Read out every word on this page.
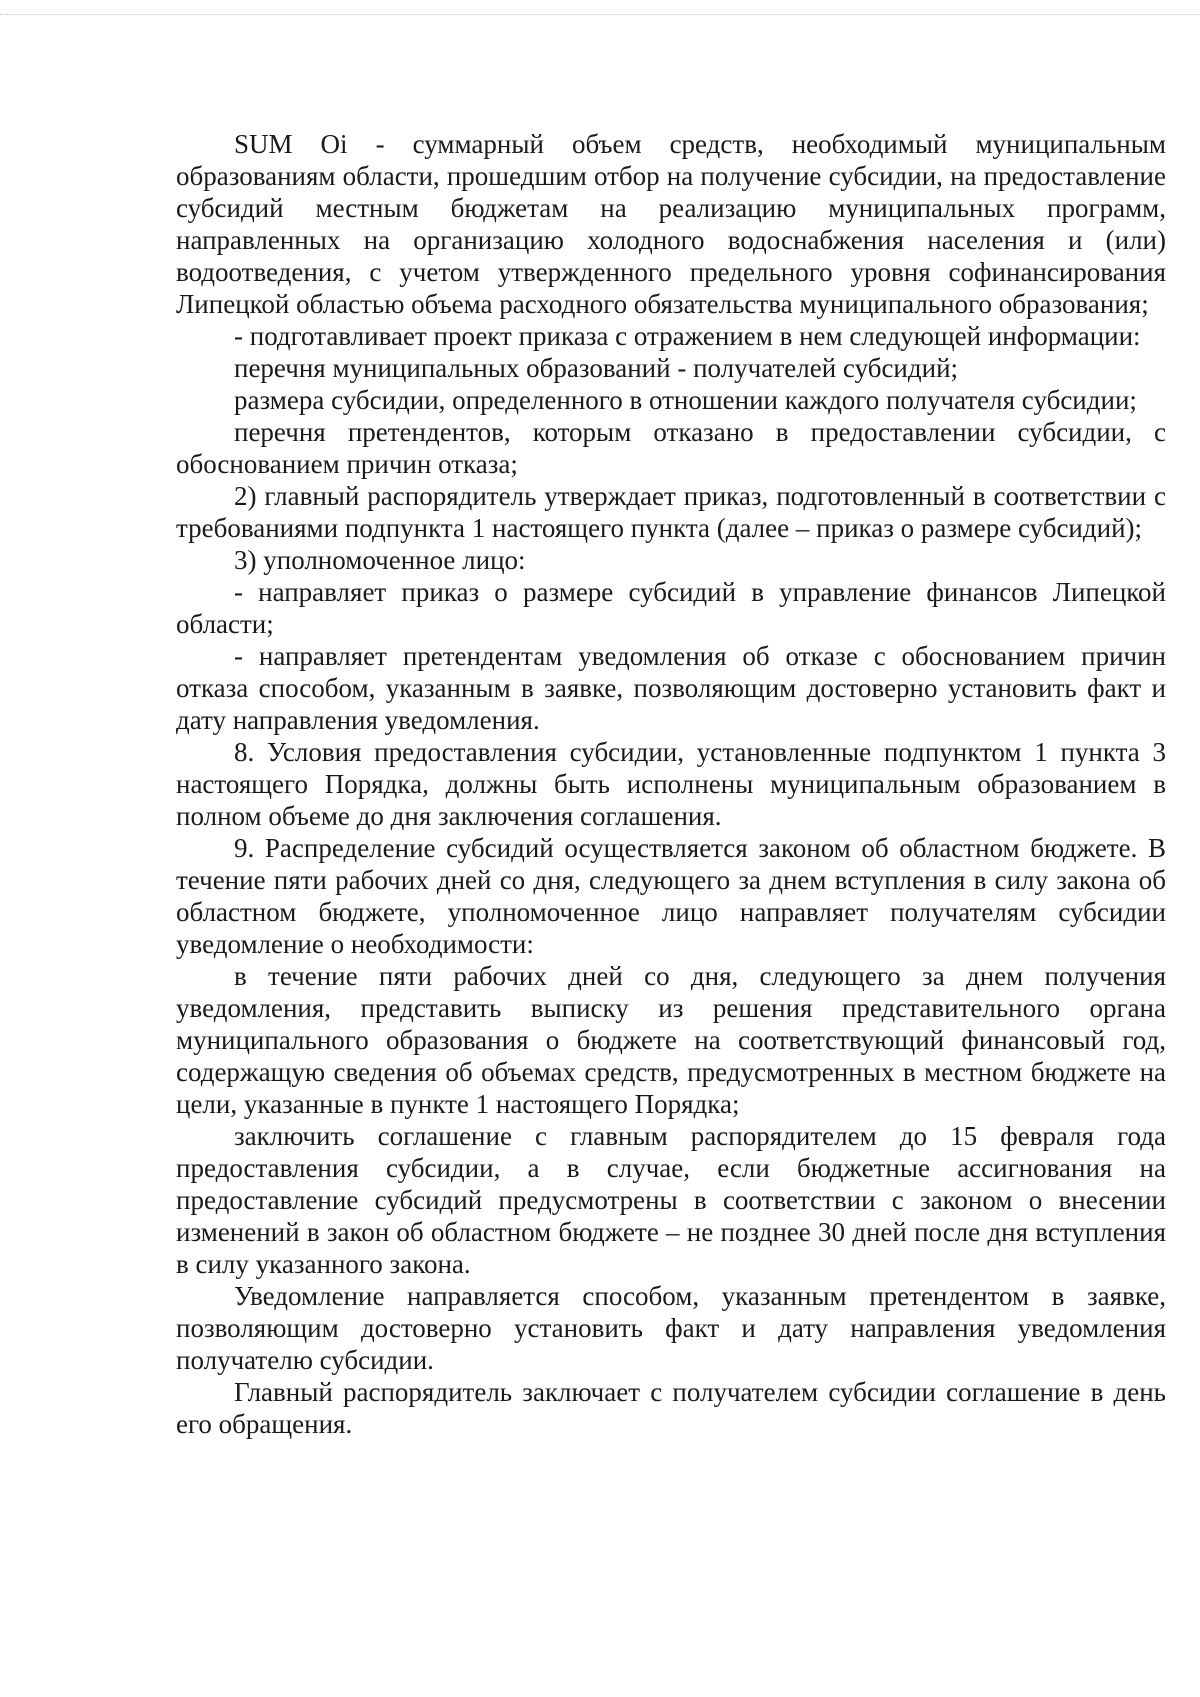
SUM Oi - суммарный объем средств, необходимый муниципальным образованиям области, прошедшим отбор на получение субсидии, на предоставление субсидий местным бюджетам на реализацию муниципальных программ, направленных на организацию холодного водоснабжения населения и (или) водоотведения, с учетом утвержденного предельного уровня софинансирования Липецкой областью объема расходного обязательства муниципального образования;

- подготавливает проект приказа с отражением в нем следующей информации:

перечня муниципальных образований - получателей субсидий;

размера субсидии, определенного в отношении каждого получателя субсидии;

перечня претендентов, которым отказано в предоставлении субсидии, с обоснованием причин отказа;

2) главный распорядитель утверждает приказ, подготовленный в соответствии с требованиями подпункта 1 настоящего пункта (далее – приказ о размере субсидий);

3) уполномоченное лицо:

- направляет приказ о размере субсидий в управление финансов Липецкой области;

- направляет претендентам уведомления об отказе с обоснованием причин отказа способом, указанным в заявке, позволяющим достоверно установить факт и дату направления уведомления.

8. Условия предоставления субсидии, установленные подпунктом 1 пункта 3 настоящего Порядка, должны быть исполнены муниципальным образованием в полном объеме до дня заключения соглашения.

9. Распределение субсидий осуществляется законом об областном бюджете. В течение пяти рабочих дней со дня, следующего за днем вступления в силу закона об областном бюджете, уполномоченное лицо направляет получателям субсидии уведомление о необходимости:

в течение пяти рабочих дней со дня, следующего за днем получения уведомления, представить выписку из решения представительного органа муниципального образования о бюджете на соответствующий финансовый год, содержащую сведения об объемах средств, предусмотренных в местном бюджете на цели, указанные в пункте 1 настоящего Порядка;

заключить соглашение с главным распорядителем до 15 февраля года предоставления субсидии, а в случае, если бюджетные ассигнования на предоставление субсидий предусмотрены в соответствии с законом о внесении изменений в закон об областном бюджете – не позднее 30 дней после дня вступления в силу указанного закона.

Уведомление направляется способом, указанным претендентом в заявке, позволяющим достоверно установить факт и дату направления уведомления получателю субсидии.

Главный распорядитель заключает с получателем субсидии соглашение в день его обращения.
